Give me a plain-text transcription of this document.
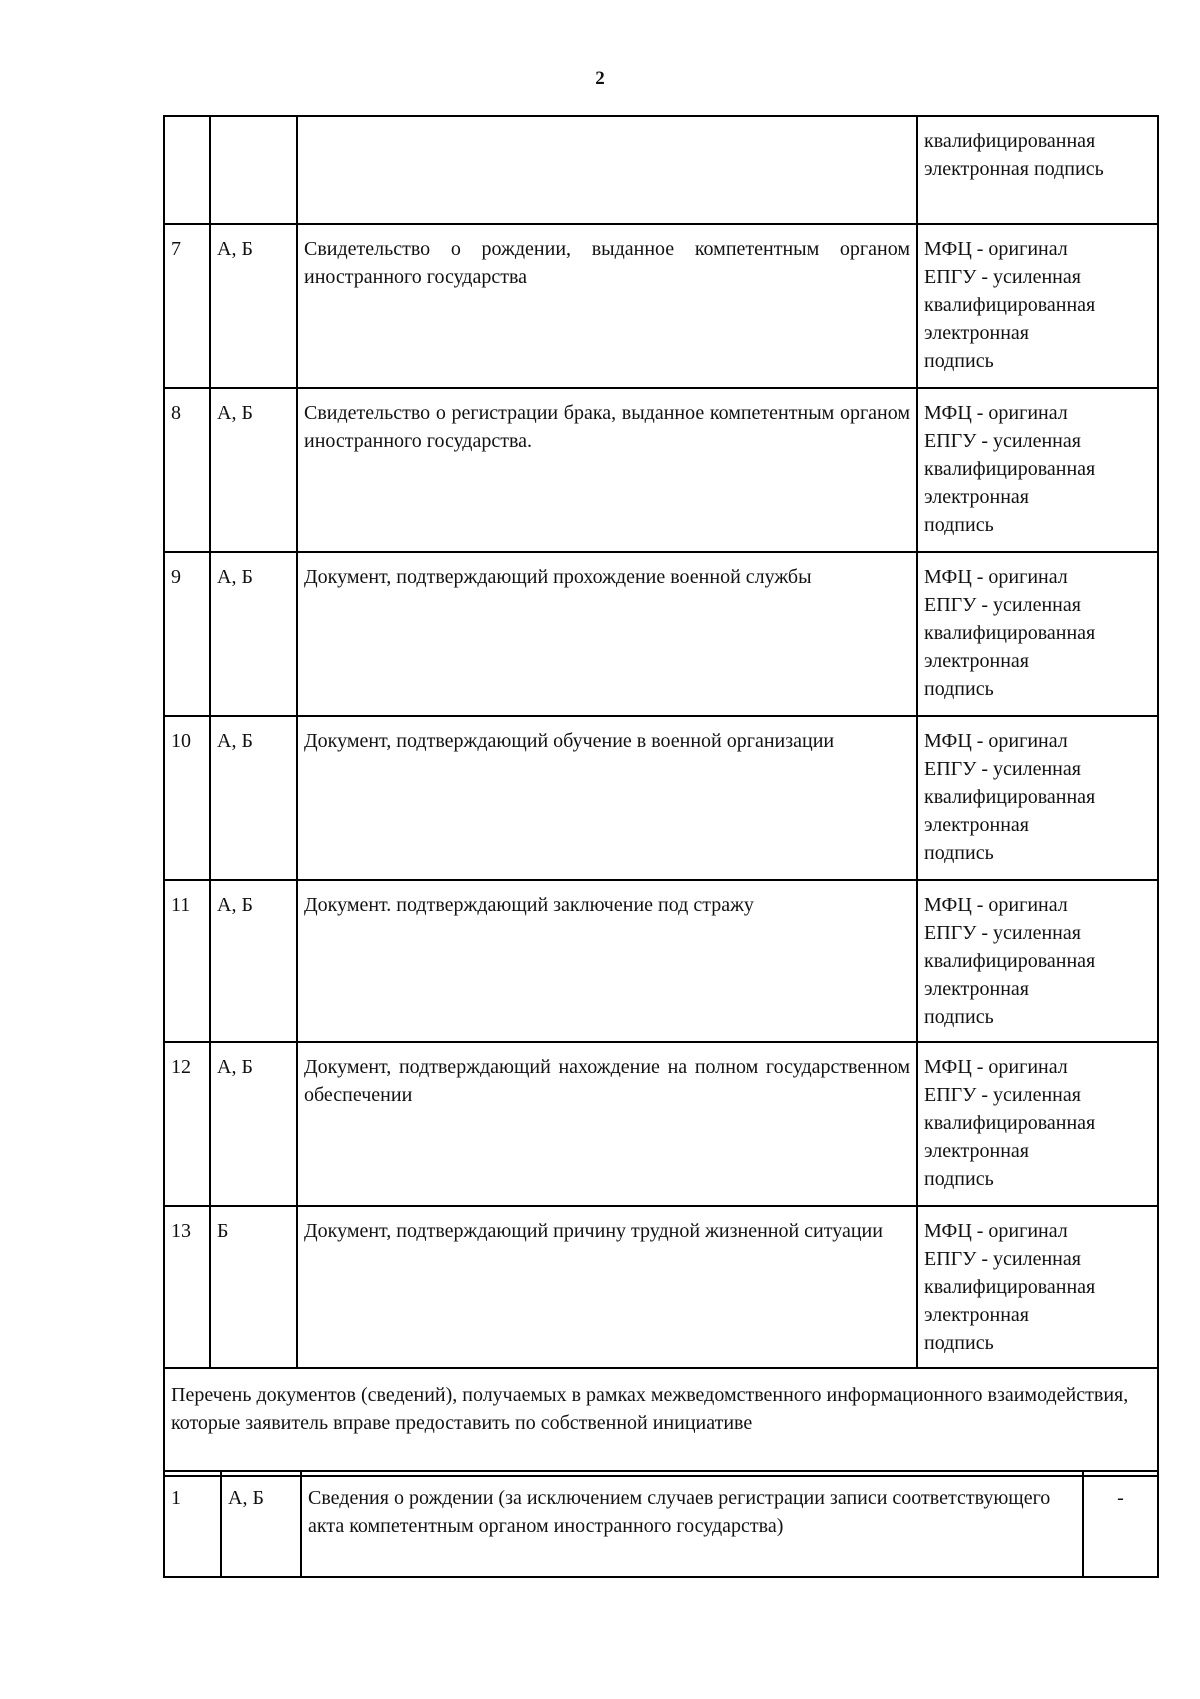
2
			квалифицированная электронная подпись
7	А, Б	Свидетельство о рождении, выданное компетентным органом иностранного государства	МФЦ - оригинал
ЕПГУ - усиленная
квалифицированная
электронная
подпись

8	А, Б	Свидетельство о регистрации брака, выданное компетентным органом иностранного государства.	МФЦ - оригинал
ЕПГУ - усиленная
квалифицированная
электронная
подпись

9	А, Б	Документ, подтверждающий прохождение военной службы	МФЦ - оригинал
ЕПГУ - усиленная
квалифицированная
электронная
подпись

10	А, Б	Документ, подтверждающий обучение в военной организации	МФЦ - оригинал
ЕПГУ - усиленная
квалифицированная
электронная
подпись

11	А, Б	Документ. подтверждающий заключение под стражу	МФЦ - оригинал
ЕПГУ - усиленная
квалифицированная
электронная
подпись

12	А, Б	Документ, подтверждающий нахождение на полном государственном обеспечении	МФЦ - оригинал
ЕПГУ - усиленная
квалифицированная
электронная
подпись

13	Б	Документ, подтверждающий причину трудной жизненной ситуации	МФЦ - оригинал
ЕПГУ - усиленная
квалифицированная
электронная
подпись

Перечень документов (сведений), получаемых в рамках межведомственного информационного взаимодействия, которые заявитель вправе предоставить по собственной инициативе			
1	А, Б	Сведения о рождении (за исключением случаев регистрации записи соответствующего акта компетентным органом иностранного государства)	-
